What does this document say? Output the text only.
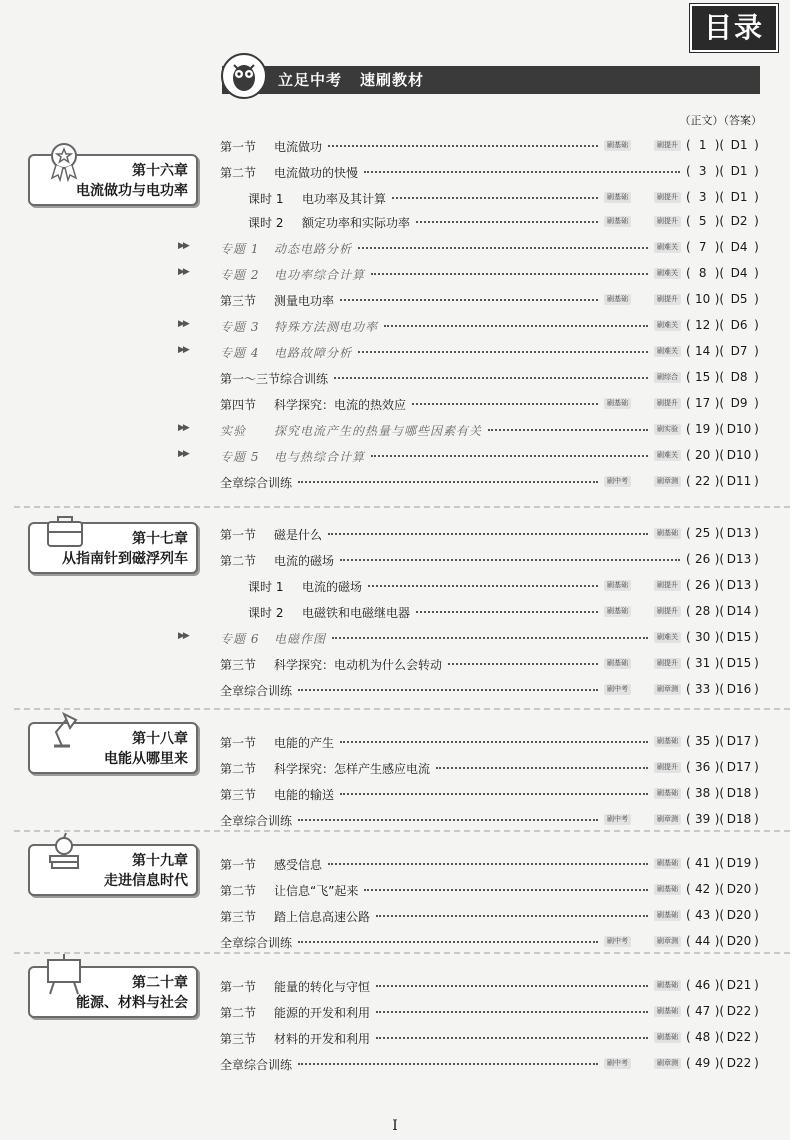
目录
立足中考 速刷教材
（正文）（答案）
第十六章
电流做功与电功率
第十七章
从指南针到磁浮列车
第十八章
电能从哪里来
第十九章
走进信息时代
第二十章
能源、材料与社会
第一节 电流做功	刷基础	刷提升 ( 1 )( D1 )
第二节 电流做功的快慢	( 3 )( D1 )
课时 1 电功率及其计算	刷基础	刷提升 ( 3 )( D1 )
课时 2 额定功率和实际功率	刷基础	刷提升 ( 5 )( D2 )
▶▶	专题 1 动态电路分析	刷难关 ( 7 )( D4 )
▶▶	专题 2 电功率综合计算	刷难关 ( 8 )( D4 )
第三节 测量电功率	刷基础	刷提升 ( 10 )( D5 )
▶▶	专题 3 特殊方法测电功率	刷难关 ( 12 )( D6 )
▶▶	专题 4 电路故障分析	刷难关 ( 14 )( D7 )
第一～三节综合训练	刷综合 ( 15 )( D8 )
第四节 科学探究：电流的热效应	刷基础	刷提升 ( 17 )( D9 )
▶▶	实验 探究电流产生的热量与哪些因素有关	刷实验 ( 19 )( D10 )
▶▶	专题 5 电与热综合计算	刷难关 ( 20 )( D10 )
全章综合训练	刷中考	刷章测 ( 22 )( D11 )
第一节 磁是什么	刷基础 ( 25 )( D13 )
第二节 电流的磁场	( 26 )( D13 )
课时 1 电流的磁场	刷基础	刷提升 ( 26 )( D13 )
课时 2 电磁铁和电磁继电器	刷基础	刷提升 ( 28 )( D14 )
▶▶	专题 6 电磁作图	刷难关 ( 30 )( D15 )
第三节 科学探究：电动机为什么会转动	刷基础	刷提升 ( 31 )( D15 )
全章综合训练	刷中考	刷章测 ( 33 )( D16 )
第一节 电能的产生	刷基础 ( 35 )( D17 )
第二节 科学探究：怎样产生感应电流	刷提升 ( 36 )( D17 )
第三节 电能的输送	刷基础 ( 38 )( D18 )
全章综合训练	刷中考	刷章测 ( 39 )( D18 )
第一节 感受信息	刷基础 ( 41 )( D19 )
第二节 让信息“飞”起来	刷基础 ( 42 )( D20 )
第三节 踏上信息高速公路	刷基础 ( 43 )( D20 )
全章综合训练	刷中考	刷章测 ( 44 )( D20 )
第一节 能量的转化与守恒	刷基础 ( 46 )( D21 )
第二节 能源的开发和利用	刷基础 ( 47 )( D22 )
第三节 材料的开发和利用	刷基础 ( 48 )( D22 )
全章综合训练	刷中考	刷章测 ( 49 )( D22 )
I
